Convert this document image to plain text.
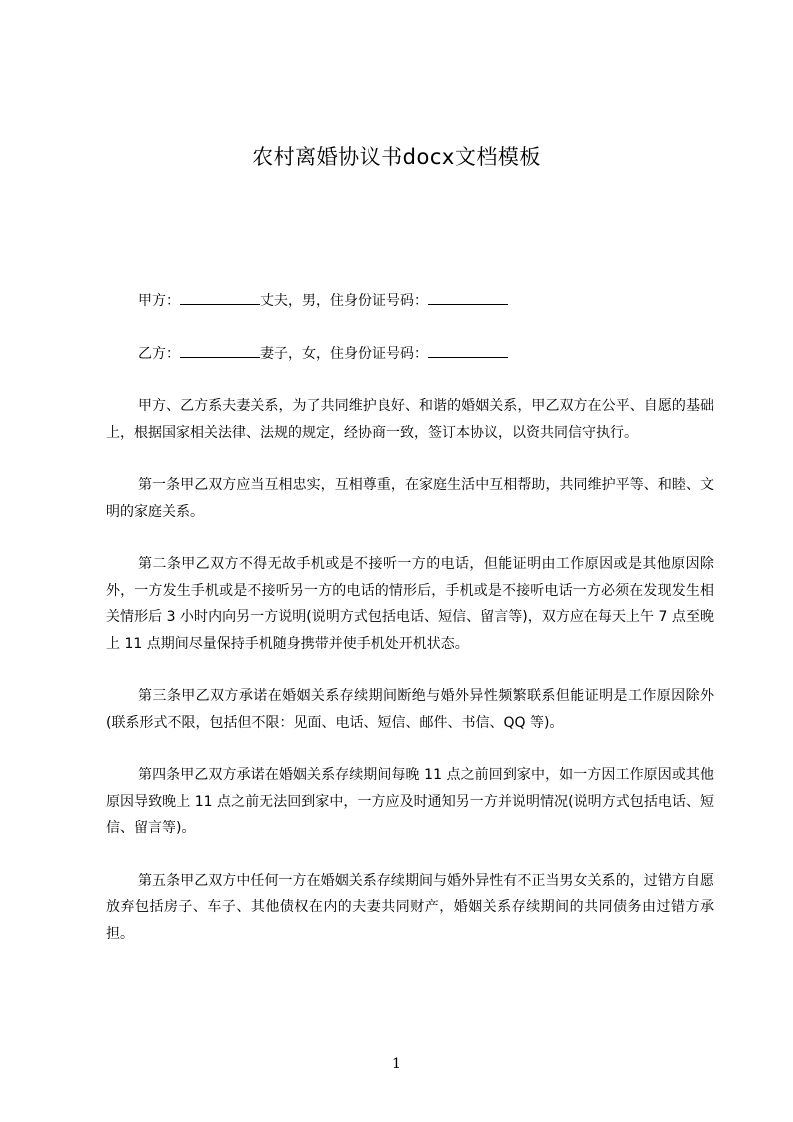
农村离婚协议书docx文档模板

甲方：	丈夫，男，住身份证号码：

乙方：	妻子，女，住身份证号码：

甲方、乙方系夫妻关系，为了共同维护良好、和谐的婚姻关系，甲乙双方在公平、自愿的基础上，根据国家相关法律、法规的规定，经协商一致，签订本协议，以资共同信守执行。

第一条甲乙双方应当互相忠实，互相尊重，在家庭生活中互相帮助，共同维护平等、和睦、文明的家庭关系。

第二条甲乙双方不得无故手机或是不接听一方的电话，但能证明由工作原因或是其他原因除外，一方发生手机或是不接听另一方的电话的情形后，手机或是不接听电话一方必须在发现发生相关情形后 3 小时内向另一方说明(说明方式包括电话、短信、留言等)，双方应在每天上午 7 点至晚上 11 点期间尽量保持手机随身携带并使手机处开机状态。

第三条甲乙双方承诺在婚姻关系存续期间断绝与婚外异性频繁联系但能证明是工作原因除外(联系形式不限，包括但不限：见面、电话、短信、邮件、书信、QQ 等)。

第四条甲乙双方承诺在婚姻关系存续期间每晚 11 点之前回到家中，如一方因工作原因或其他原因导致晚上 11 点之前无法回到家中，一方应及时通知另一方并说明情况(说明方式包括电话、短信、留言等)。

第五条甲乙双方中任何一方在婚姻关系存续期间与婚外异性有不正当男女关系的，过错方自愿放弃包括房子、车子、其他债权在内的夫妻共同财产，婚姻关系存续期间的共同债务由过错方承担。

1
